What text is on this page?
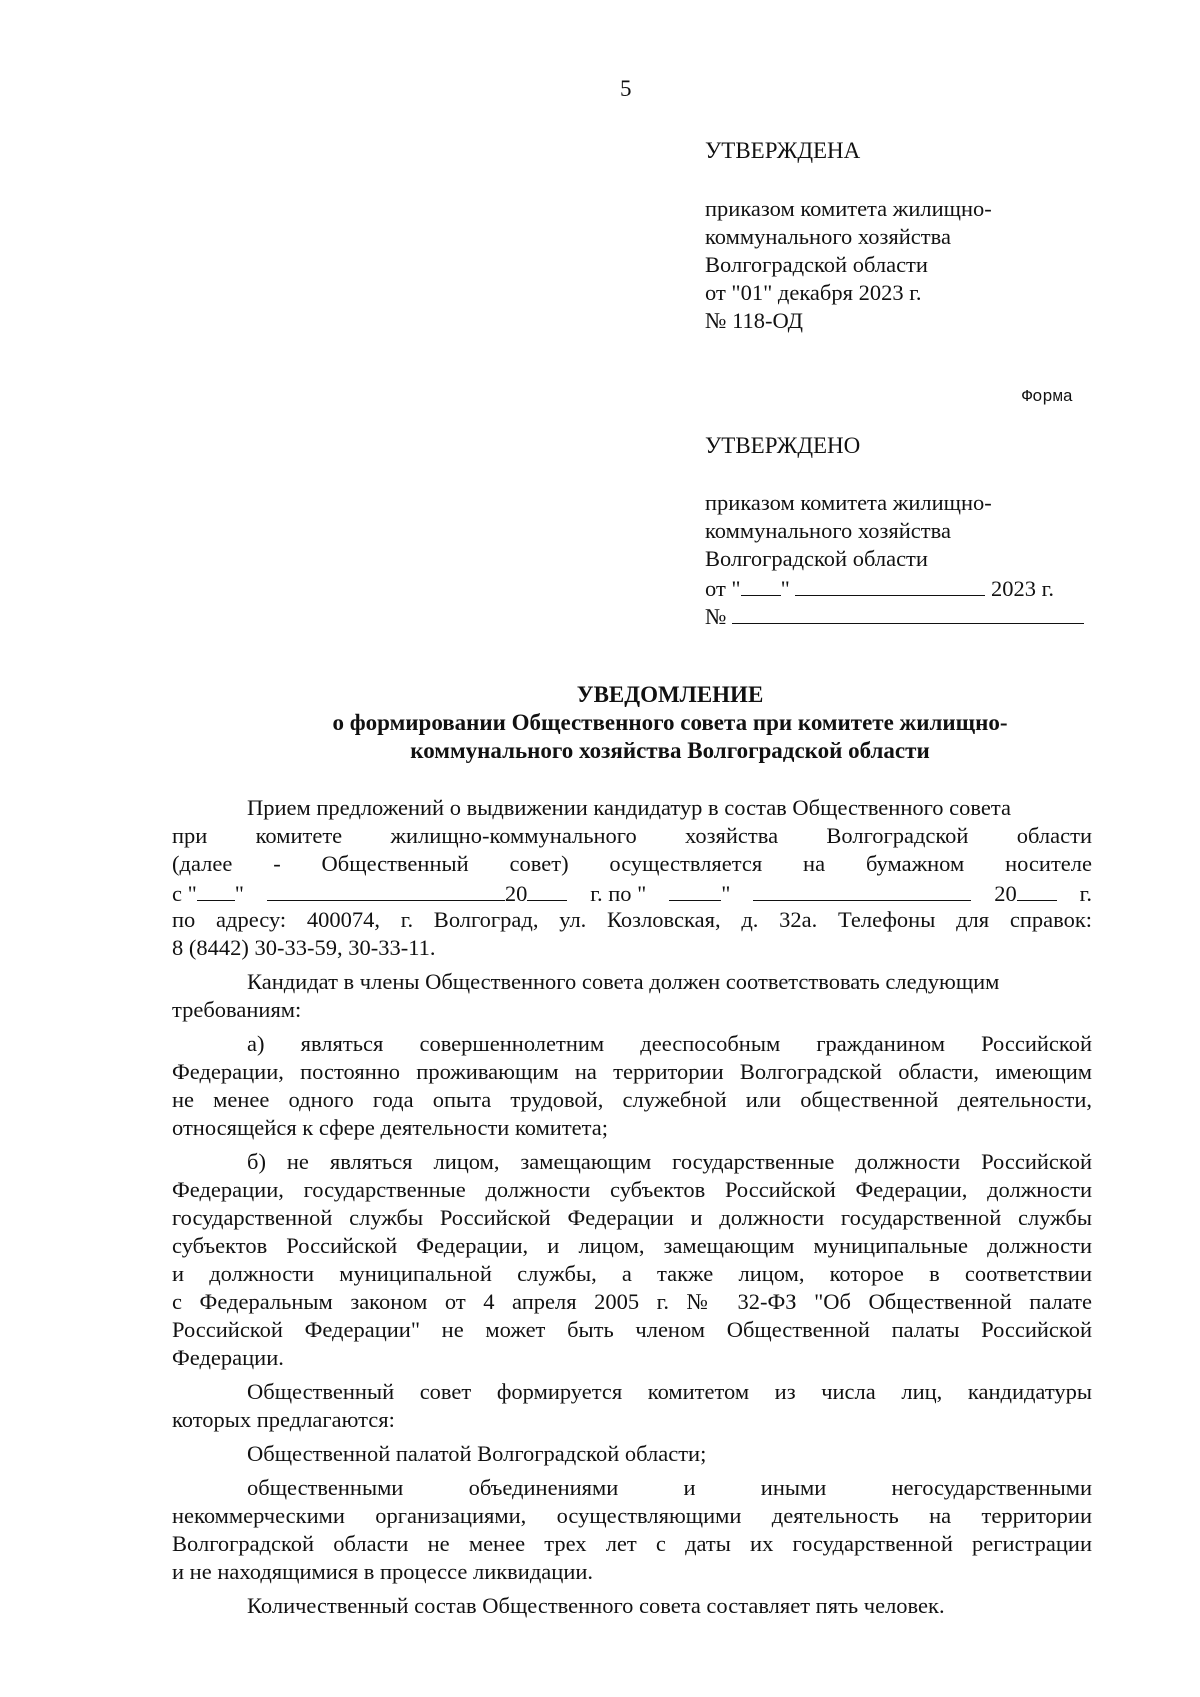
5
УТВЕРЖДЕНА
приказом комитета жилищно-
коммунального хозяйства
Волгоградской области
от "01" декабря 2023 г.
№ 118-ОД
Форма
УТВЕРЖДЕНО
приказом комитета жилищно-
коммунального хозяйства
Волгоградской области
от " "	2023 г.
№
УВЕДОМЛЕНИЕ
о формировании Общественного совета при комитете жилищно-
коммунального хозяйства Волгоградской области
Прием предложений о выдвижении кандидатур в состав Общественного совета
при комитете жилищно-коммунального хозяйства Волгоградской области
(далее - Общественный совет) осуществляется на бумажном носителе
с " "	20	г. по "	"	20	г.
по адресу: 400074, г. Волгоград, ул. Козловская, д. 32а. Телефоны для справок:
8 (8442) 30-33-59, 30-33-11.
Кандидат в члены Общественного совета должен соответствовать следующим
требованиям:
а) являться совершеннолетним дееспособным гражданином Российской
Федерации, постоянно проживающим на территории Волгоградской области, имеющим
не менее одного года опыта трудовой, служебной или общественной деятельности,
относящейся к сфере деятельности комитета;
б) не являться лицом, замещающим государственные должности Российской
Федерации, государственные должности субъектов Российской Федерации, должности
государственной службы Российской Федерации и должности государственной службы
субъектов Российской Федерации, и лицом, замещающим муниципальные должности
и должности муниципальной службы, а также лицом, которое в соответствии
с Федеральным законом от 4 апреля 2005 г. № 32-ФЗ "Об Общественной палате
Российской Федерации" не может быть членом Общественной палаты Российской
Федерации.
Общественный совет формируется комитетом из числа лиц, кандидатуры
которых предлагаются:
Общественной палатой Волгоградской области;
общественными объединениями и иными негосударственными
некоммерческими организациями, осуществляющими деятельность на территории
Волгоградской области не менее трех лет с даты их государственной регистрации
и не находящимися в процессе ликвидации.
Количественный состав Общественного совета составляет пять человек.
